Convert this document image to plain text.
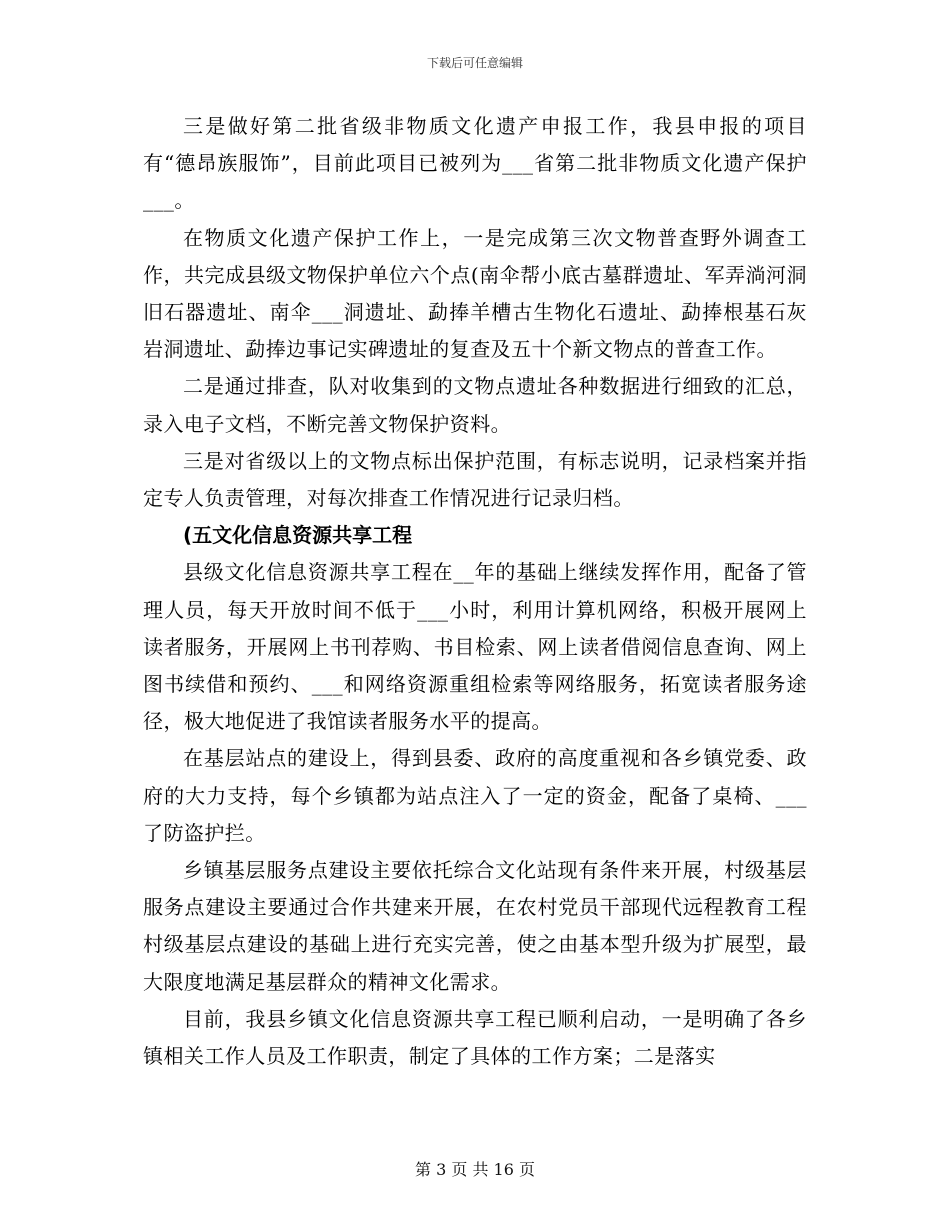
下载后可任意编辑

三是做好第二批省级非物质文化遗产申报工作，我县申报的项目有“德昂族服饰”，目前此项目已被列为___省第二批非物质文化遗产保护___。

在物质文化遗产保护工作上，一是完成第三次文物普查野外调查工作，共完成县级文物保护单位六个点(南伞帮小底古墓群遗址、军弄淌河洞旧石器遗址、南伞___洞遗址、勐捧羊槽古生物化石遗址、勐捧根基石灰岩洞遗址、勐捧边事记实碑遗址的复查及五十个新文物点的普查工作。

二是通过排查，队对收集到的文物点遗址各种数据进行细致的汇总，录入电子文档，不断完善文物保护资料。

三是对省级以上的文物点标出保护范围，有标志说明，记录档案并指定专人负责管理，对每次排查工作情况进行记录归档。

(五文化信息资源共享工程

县级文化信息资源共享工程在__年的基础上继续发挥作用，配备了管理人员，每天开放时间不低于___小时，利用计算机网络，积极开展网上读者服务，开展网上书刊荐购、书目检索、网上读者借阅信息查询、网上图书续借和预约、___和网络资源重组检索等网络服务，拓宽读者服务途径，极大地促进了我馆读者服务水平的提高。

在基层站点的建设上，得到县委、政府的高度重视和各乡镇党委、政府的大力支持，每个乡镇都为站点注入了一定的资金，配备了桌椅、___了防盗护拦。

乡镇基层服务点建设主要依托综合文化站现有条件来开展，村级基层服务点建设主要通过合作共建来开展，在农村党员干部现代远程教育工程村级基层点建设的基础上进行充实完善，使之由基本型升级为扩展型，最大限度地满足基层群众的精神文化需求。

目前，我县乡镇文化信息资源共享工程已顺利启动，一是明确了各乡镇相关工作人员及工作职责，制定了具体的工作方案；二是落实

第 3 页 共 16 页
